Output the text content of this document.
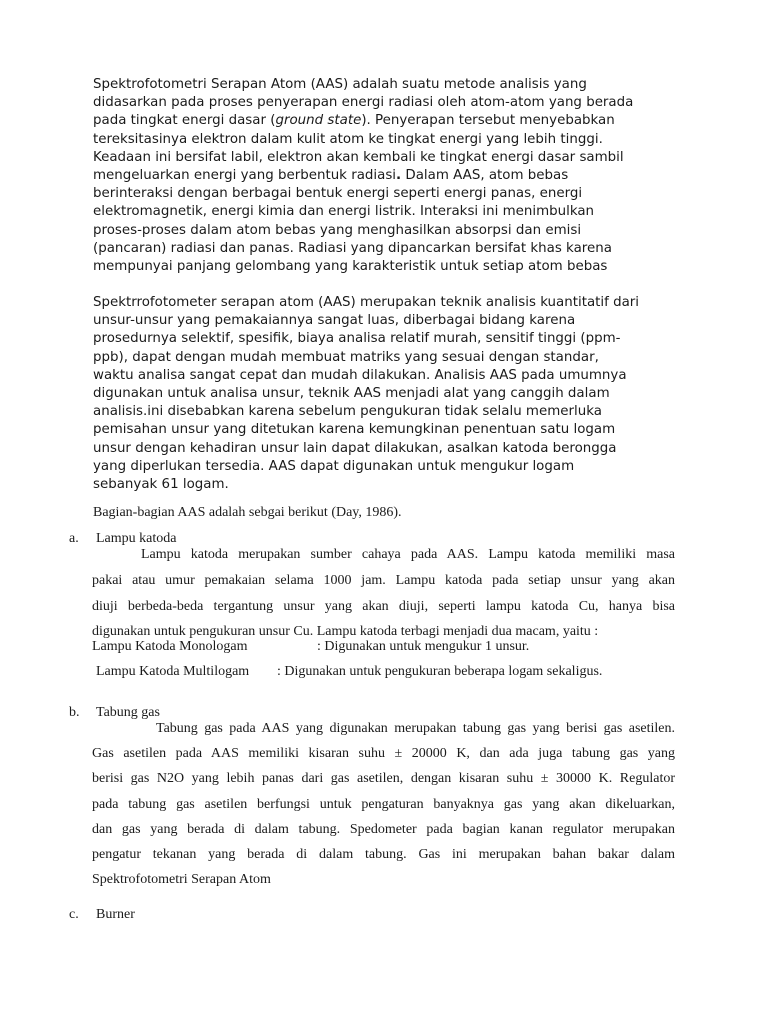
Spektrofotometri Serapan Atom (AAS) adalah suatu metode analisis yang
didasarkan pada proses penyerapan energi radiasi oleh atom-atom yang berada
pada tingkat energi dasar (ground state). Penyerapan tersebut menyebabkan
tereksitasinya elektron dalam kulit atom ke tingkat energi yang lebih tinggi.
Keadaan ini bersifat labil, elektron akan kembali ke tingkat energi dasar sambil
mengeluarkan energi yang berbentuk radiasi. Dalam AAS, atom bebas
berinteraksi dengan berbagai bentuk energi seperti energi panas, energi
elektromagnetik, energi kimia dan energi listrik. Interaksi ini menimbulkan
proses-proses dalam atom bebas yang menghasilkan absorpsi dan emisi
(pancaran) radiasi dan panas. Radiasi yang dipancarkan bersifat khas karena
mempunyai panjang gelombang yang karakteristik untuk setiap atom bebas
Spektrrofotometer serapan atom (AAS) merupakan teknik analisis kuantitatif dari
unsur-unsur yang pemakaiannya sangat luas, diberbagai bidang karena
prosedurnya selektif, spesifik, biaya analisa relatif murah, sensitif tinggi (ppm-
ppb), dapat dengan mudah membuat matriks yang sesuai dengan standar,
waktu analisa sangat cepat dan mudah dilakukan. Analisis AAS pada umumnya
digunakan untuk analisa unsur, teknik AAS menjadi alat yang canggih dalam
analisis.ini disebabkan karena sebelum pengukuran tidak selalu memerluka
pemisahan unsur yang ditetukan karena kemungkinan penentuan satu logam
unsur dengan kehadiran unsur lain dapat dilakukan, asalkan katoda berongga
yang diperlukan tersedia. AAS dapat digunakan untuk mengukur logam
sebanyak 61 logam.
Bagian-bagian AAS adalah sebgai berikut (Day, 1986).
a. Lampu katoda
Lampu katoda merupakan sumber cahaya pada AAS. Lampu katoda memiliki masa
pakai atau umur pemakaian selama 1000 jam. Lampu katoda pada setiap unsur yang akan
diuji berbeda-beda tergantung unsur yang akan diuji, seperti lampu katoda Cu, hanya bisa
digunakan untuk pengukuran unsur Cu. Lampu katoda terbagi menjadi dua macam, yaitu :
Lampu Katoda Monologam	: Digunakan untuk mengukur 1 unsur.
Lampu Katoda Multilogam : Digunakan untuk pengukuran beberapa logam sekaligus.
b. Tabung gas
Tabung gas pada AAS yang digunakan merupakan tabung gas yang berisi gas asetilen.
Gas asetilen pada AAS memiliki kisaran suhu ± 20000 K, dan ada juga tabung gas yang
berisi gas N2O yang lebih panas dari gas asetilen, dengan kisaran suhu ± 30000 K. Regulator
pada tabung gas asetilen berfungsi untuk pengaturan banyaknya gas yang akan dikeluarkan,
dan gas yang berada di dalam tabung. Spedometer pada bagian kanan regulator merupakan
pengatur tekanan yang berada di dalam tabung. Gas ini merupakan bahan bakar dalam
Spektrofotometri Serapan Atom
c. Burner
